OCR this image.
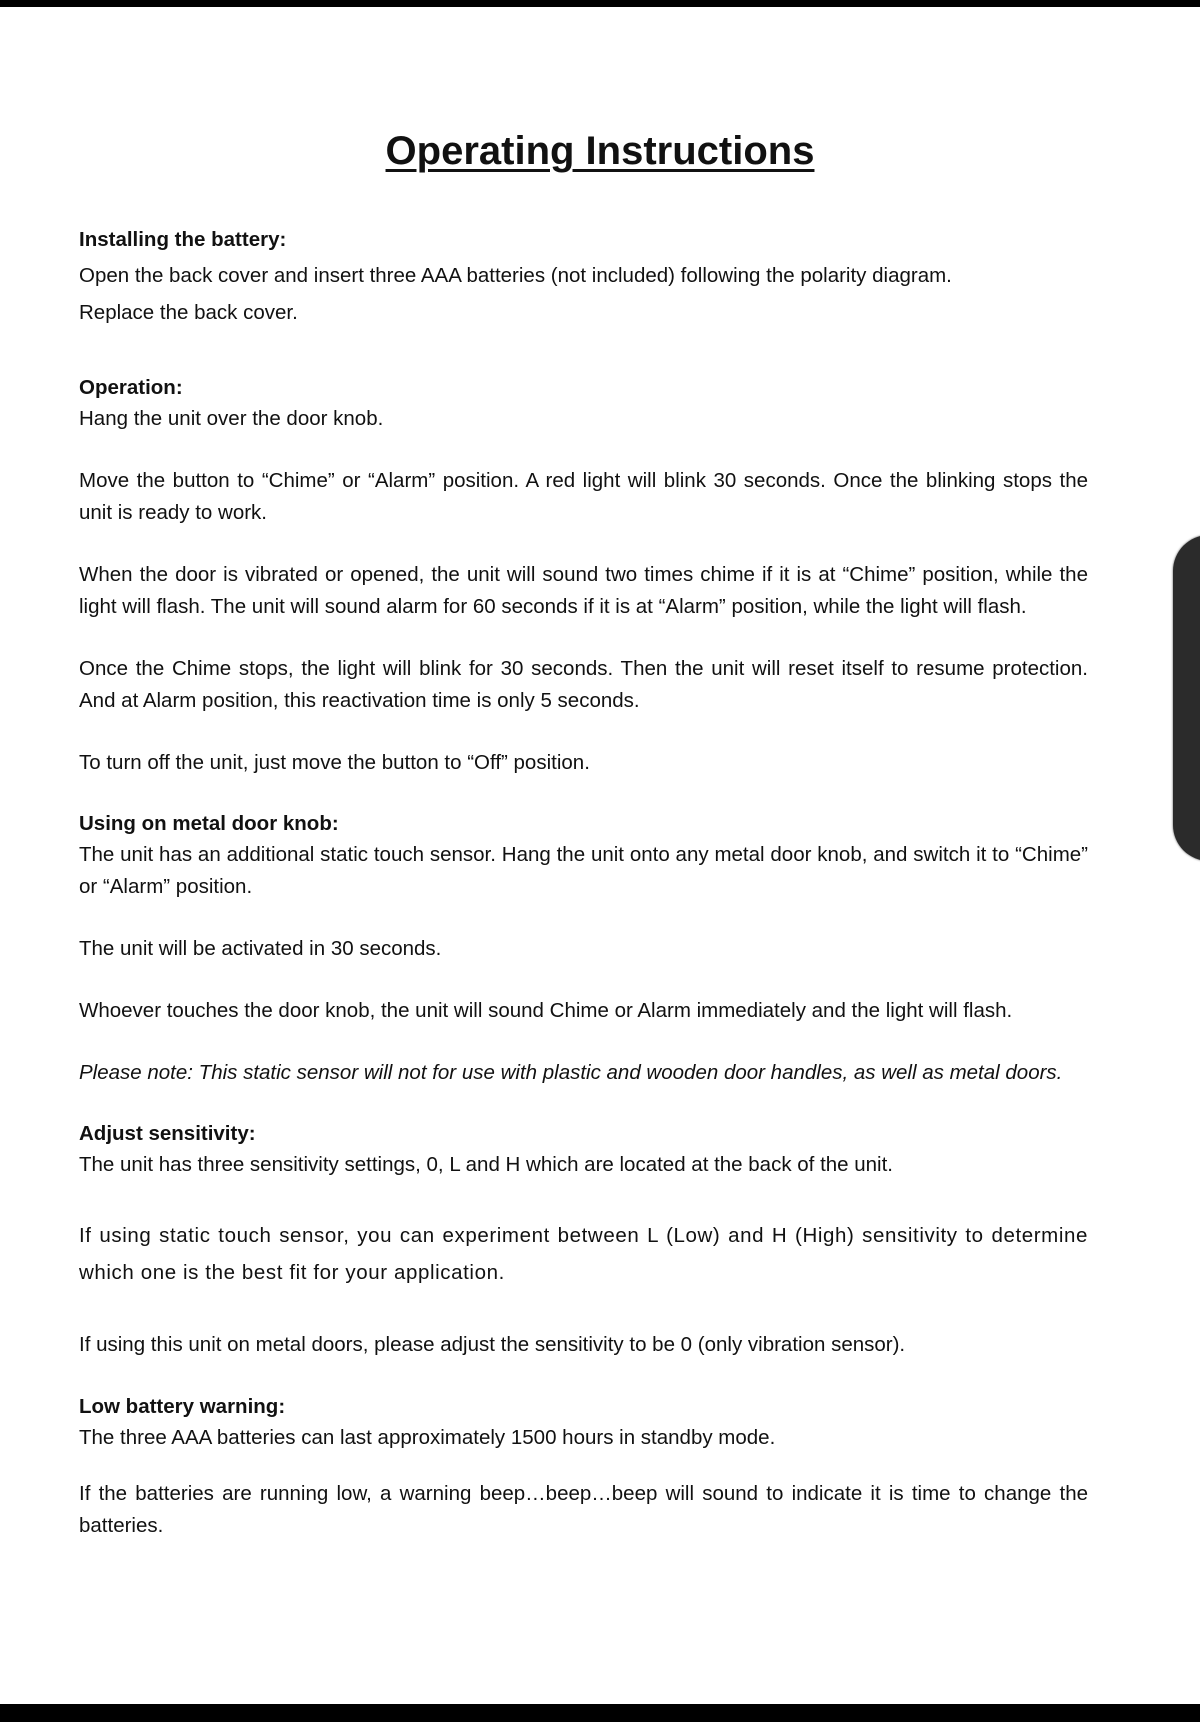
Operating Instructions

Installing the battery:

Open the back cover and insert three AAA batteries (not included) following the polarity diagram.

Replace the back cover.

Operation:

Hang the unit over the door knob.

Move the button to “Chime” or “Alarm” position. A red light will blink 30 seconds. Once the blinking stops the unit is ready to work.

When the door is vibrated or opened, the unit will sound two times chime if it is at “Chime” position, while the light will flash. The unit will sound alarm for 60 seconds if it is at “Alarm” position, while the light will flash.

Once the Chime stops, the light will blink for 30 seconds. Then the unit will reset itself to resume protection. And at Alarm position, this reactivation time is only 5 seconds.

To turn off the unit, just move the button to “Off” position.

Using on metal door knob:

The unit has an additional static touch sensor. Hang the unit onto any metal door knob, and switch it to “Chime” or “Alarm” position.

The unit will be activated in 30 seconds.

Whoever touches the door knob, the unit will sound Chime or Alarm immediately and the light will flash.

Please note: This static sensor will not for use with plastic and wooden door handles, as well as metal doors.

Adjust sensitivity:

The unit has three sensitivity settings, 0, L and H which are located at the back of the unit.

If using static touch sensor, you can experiment between L (Low) and H (High) sensitivity to determine which one is the best fit for your application.

If using this unit on metal doors, please adjust the sensitivity to be 0 (only vibration sensor).

Low battery warning:

The three AAA batteries can last approximately 1500 hours in standby mode.

If the batteries are running low, a warning beep…beep…beep will sound to indicate it is time to change the batteries.
